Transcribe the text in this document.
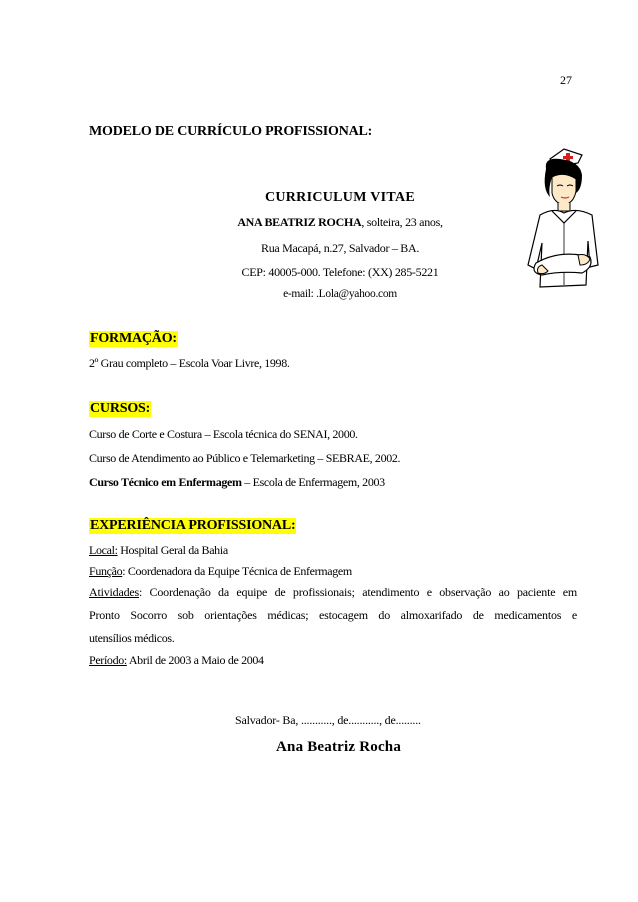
27
MODELO DE CURRÍCULO PROFISSIONAL:
CURRICULUM VITAE
ANA BEATRIZ ROCHA, solteira, 23 anos,
Rua Macapá, n.27, Salvador – BA.
CEP: 40005-000. Telefone: (XX) 285-5221
e-mail: .Lola@yahoo.com
FORMAÇÃO:
2º Grau completo – Escola Voar Livre, 1998.
CURSOS:
Curso de Corte e Costura – Escola técnica do SENAI, 2000.
Curso de Atendimento ao Público e Telemarketing – SEBRAE, 2002.
Curso Técnico em Enfermagem – Escola de Enfermagem, 2003
EXPERIÊNCIA PROFISSIONAL:
Local: Hospital Geral da Bahia
Função: Coordenadora da Equipe Técnica de Enfermagem
Atividades: Coordenação da equipe de profissionais; atendimento e observação ao paciente em
Pronto Socorro sob orientações médicas; estocagem do almoxarifado de medicamentos e
utensílios médicos.
Período: Abril de 2003 a Maio de 2004
Salvador- Ba, ..........., de..........., de.........
Ana Beatriz Rocha
